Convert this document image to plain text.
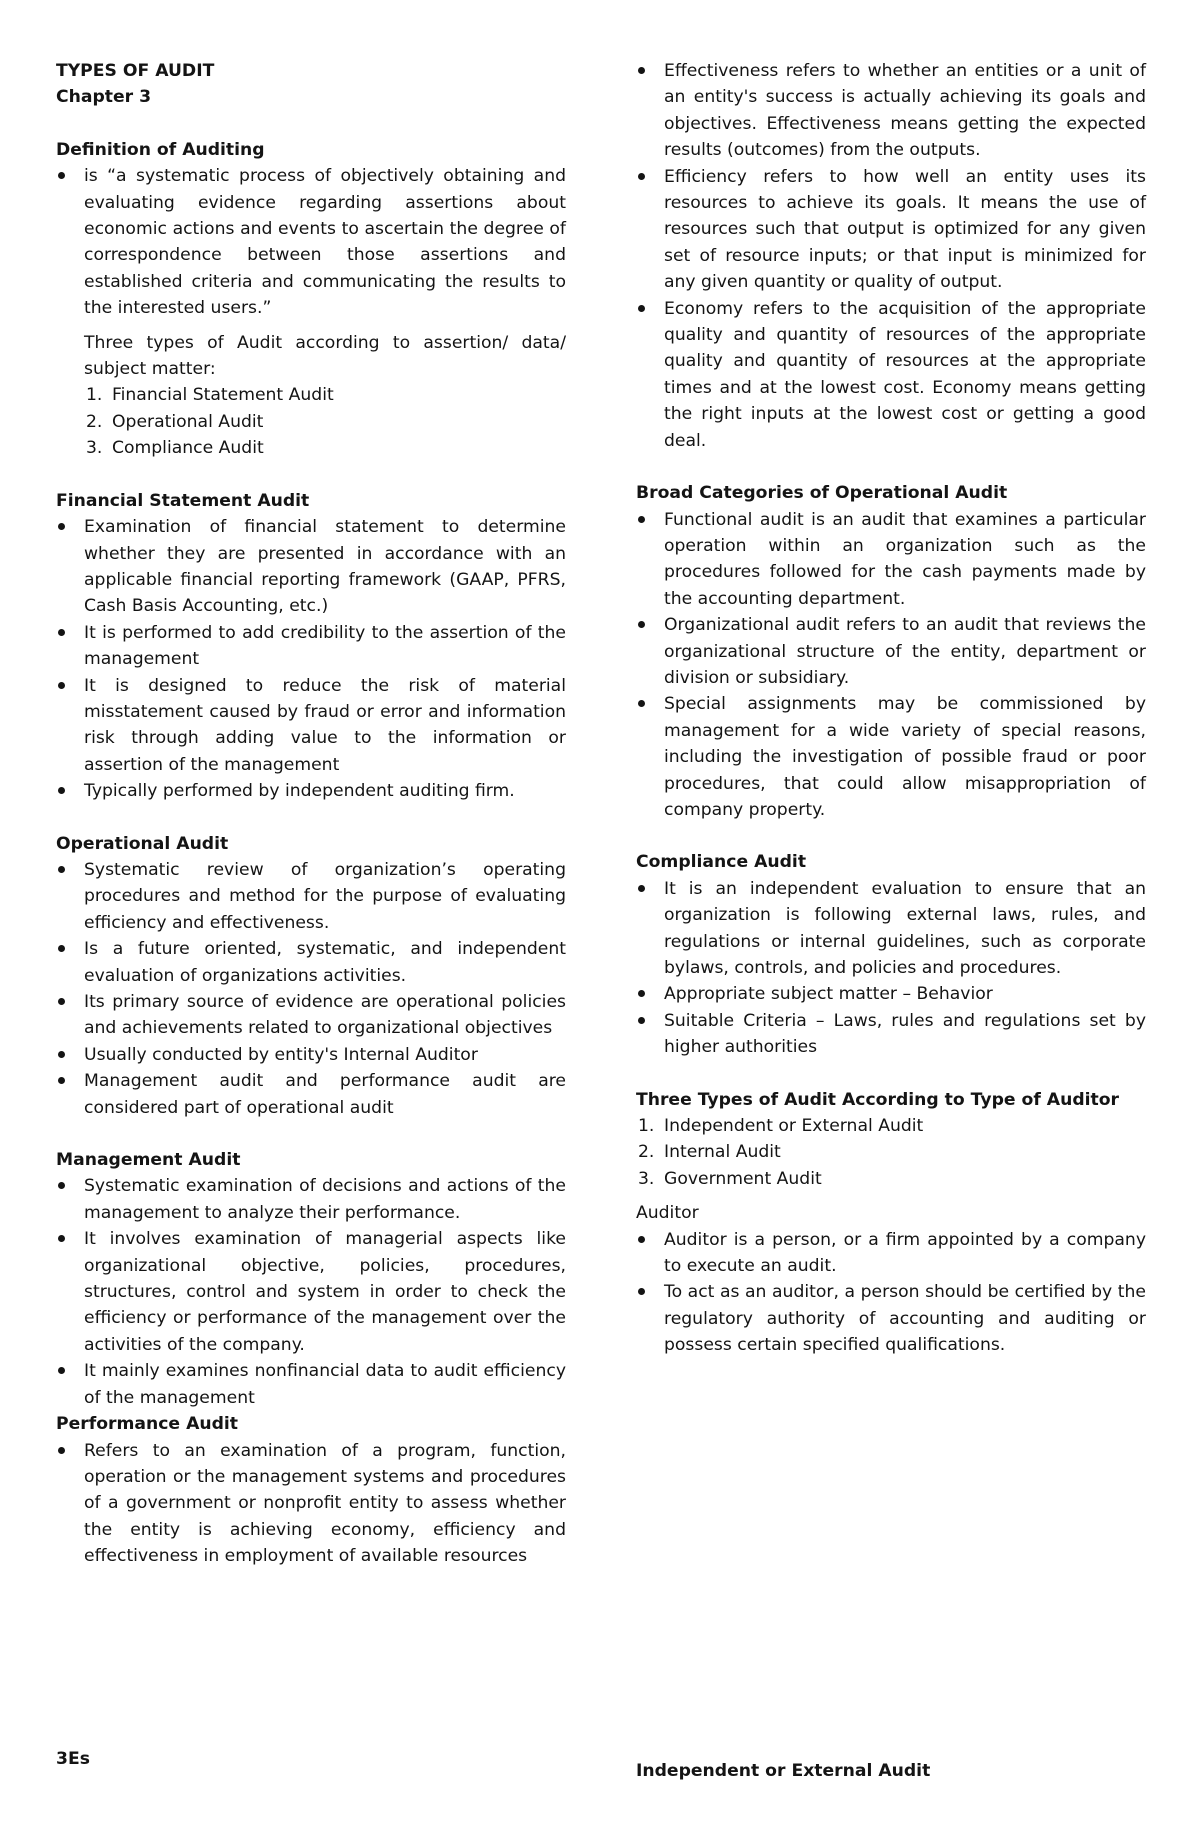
TYPES OF AUDIT

Chapter 3

Definition of Auditing

is “a systematic process of objectively obtaining and evaluating evidence regarding assertions about economic actions and events to ascertain the degree of correspondence between those assertions and established criteria and communicating the results to the interested users.”

Three types of Audit according to assertion/ data/ subject matter:

1. Financial Statement Audit
2. Operational Audit
3. Compliance Audit

Financial Statement Audit

Examination of financial statement to determine whether they are presented in accordance with an applicable financial reporting framework (GAAP, PFRS, Cash Basis Accounting, etc.)
It is performed to add credibility to the assertion of the management
It is designed to reduce the risk of material misstatement caused by fraud or error and information risk through adding value to the information or assertion of the management
Typically performed by independent auditing firm.

Operational Audit

Systematic review of organization’s operating procedures and method for the purpose of evaluating efficiency and effectiveness.
Is a future oriented, systematic, and independent evaluation of organizations activities.
Its primary source of evidence are operational policies and achievements related to organizational objectives
Usually conducted by entity's Internal Auditor
Management audit and performance audit are considered part of operational audit

Management Audit

Systematic examination of decisions and actions of the management to analyze their performance.
It involves examination of managerial aspects like organizational objective, policies, procedures, structures, control and system in order to check the efficiency or performance of the management over the activities of the company.
It mainly examines nonfinancial data to audit efficiency of the management

Performance Audit

Refers to an examination of a program, function, operation or the management systems and procedures of a government or nonprofit entity to assess whether the entity is achieving economy, efficiency and effectiveness in employment of available resources
Effectiveness refers to whether an entities or a unit of an entity's success is actually achieving its goals and objectives. Effectiveness means getting the expected results (outcomes) from the outputs.
Efficiency refers to how well an entity uses its resources to achieve its goals. It means the use of resources such that output is optimized for any given set of resource inputs; or that input is minimized for any given quantity or quality of output.
Economy refers to the acquisition of the appropriate quality and quantity of resources of the appropriate quality and quantity of resources at the appropriate times and at the lowest cost. Economy means getting the right inputs at the lowest cost or getting a good deal.

Broad Categories of Operational Audit

Functional audit is an audit that examines a particular operation within an organization such as the procedures followed for the cash payments made by the accounting department.
Organizational audit refers to an audit that reviews the organizational structure of the entity, department or division or subsidiary.
Special assignments may be commissioned by management for a wide variety of special reasons, including the investigation of possible fraud or poor procedures, that could allow misappropriation of company property.

Compliance Audit

It is an independent evaluation to ensure that an organization is following external laws, rules, and regulations or internal guidelines, such as corporate bylaws, controls, and policies and procedures.
Appropriate subject matter – Behavior
Suitable Criteria – Laws, rules and regulations set by higher authorities

Three Types of Audit According to Type of Auditor

1. Independent or External Audit
2. Internal Audit
3. Government Audit

Auditor

Auditor is a person, or a firm appointed by a company to execute an audit.
To act as an auditor, a person should be certified by the regulatory authority of accounting and auditing or possess certain specified qualifications.

3Es

Independent or External Audit
